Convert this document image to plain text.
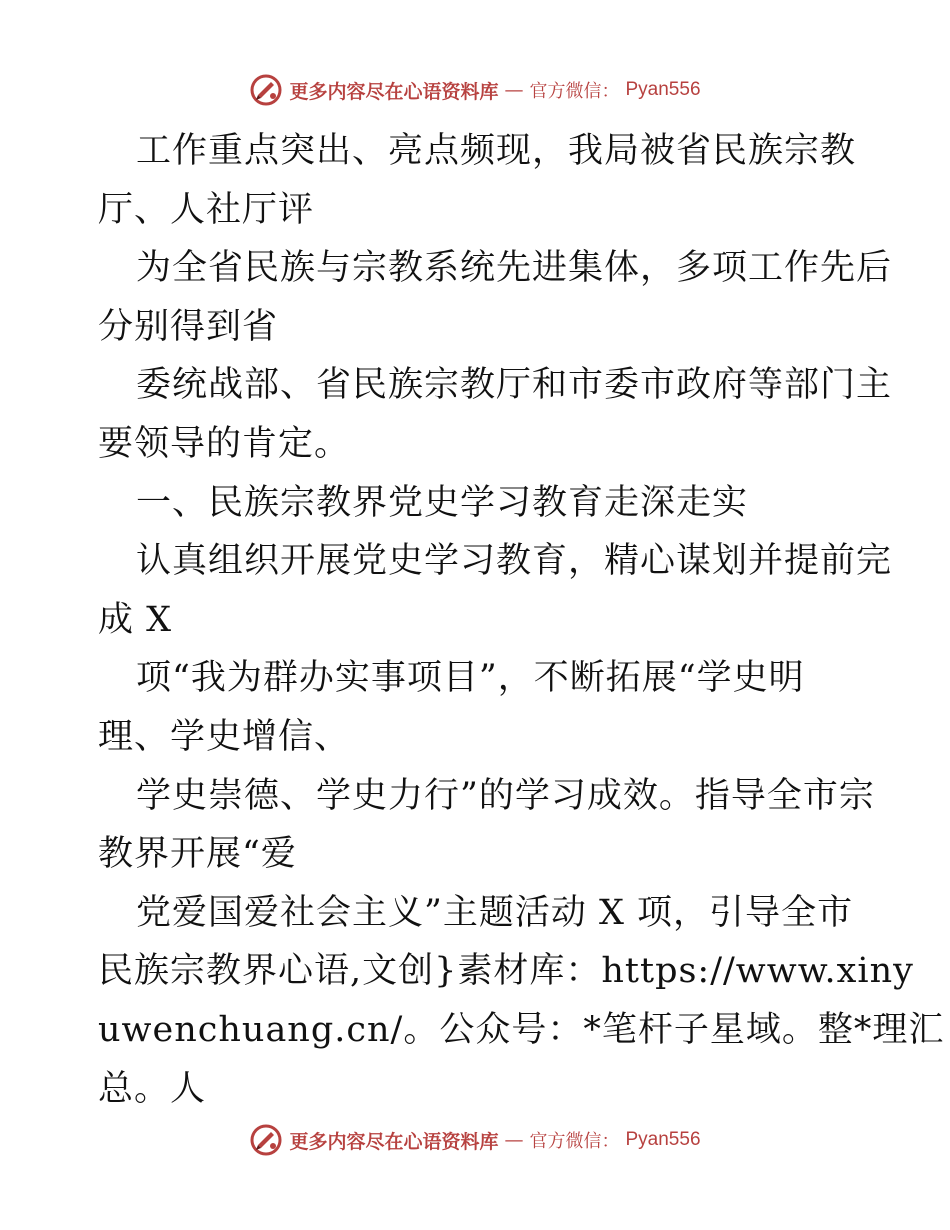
更多内容尽在心语资料库 — 官方微信： Pyan556
工作重点突出、亮点频现，我局被省民族宗教
厅、人社厅评
为全省民族与宗教系统先进集体，多项工作先后
分别得到省
委统战部、省民族宗教厅和市委市政府等部门主
要领导的肯定。
一、民族宗教界党史学习教育走深走实
认真组织开展党史学习教育，精心谋划并提前完
成 X
项“我为群办实事项目”，不断拓展“学史明
理、学史增信、
学史崇德、学史力行”的学习成效。指导全市宗
教界开展“爱
党爱国爱社会主义”主题活动 X 项，引导全市
民族宗教界心语,文创}素材库：https://www.xiny
uwenchuang.cn/。公众号：*笔杆子星域。整*理汇
总。人
更多内容尽在心语资料库 — 官方微信： Pyan556
